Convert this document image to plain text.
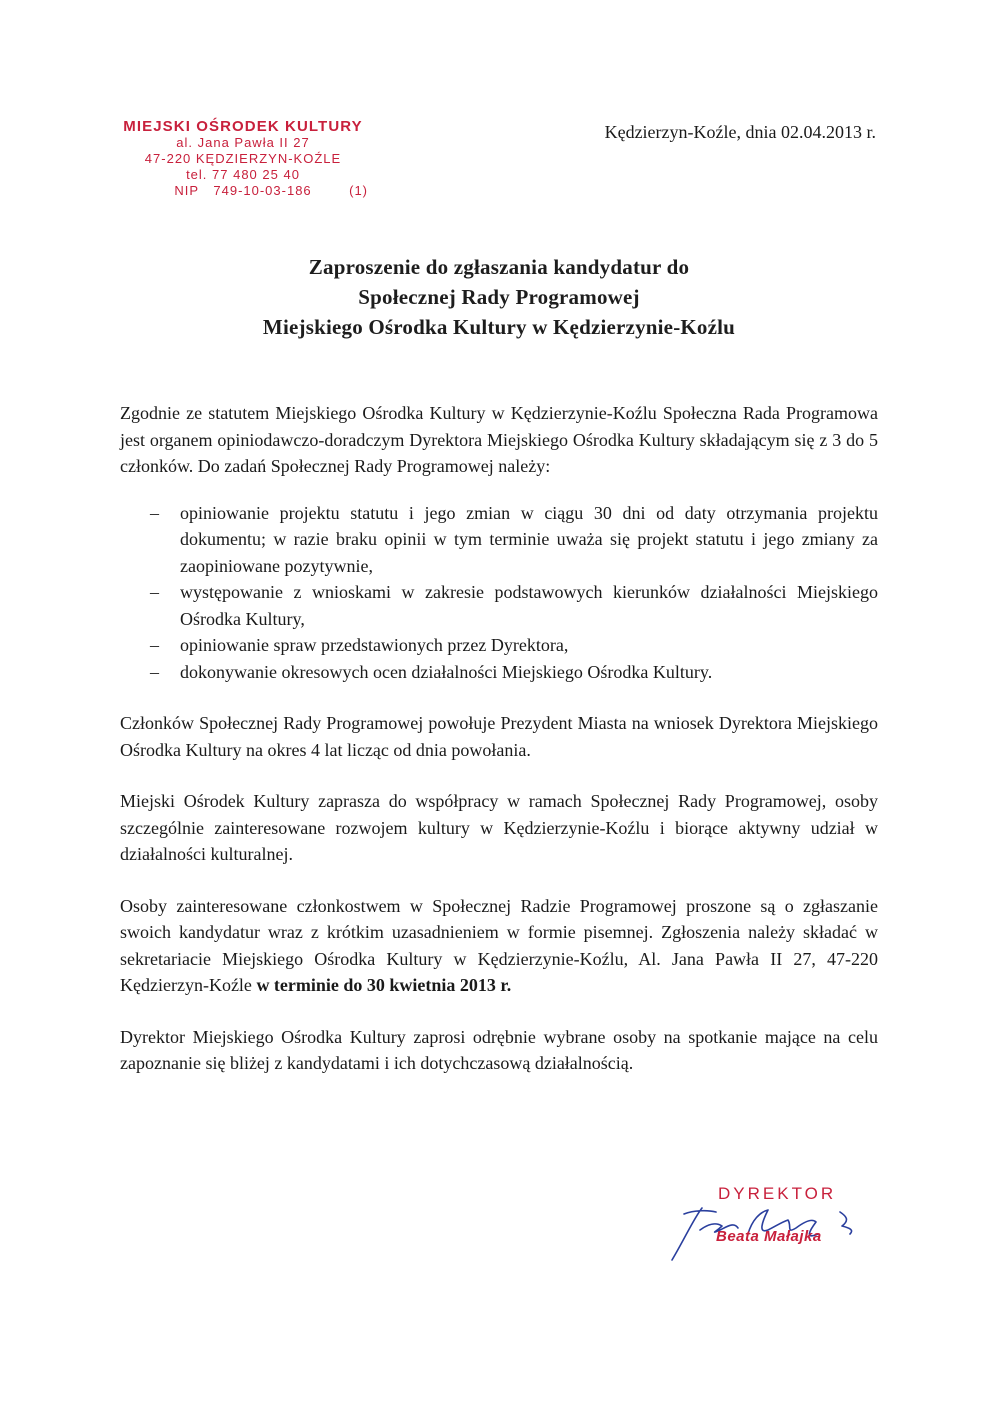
MIEJSKI OŚRODEK KULTURY
al. Jana Pawła II 27
47-220 KĘDZIERZYN-KOŹLE
tel. 77 480 25 40
NIP 749-10-03-186	(1)
Kędzierzyn-Koźle, dnia 02.04.2013 r.
Zaproszenie do zgłaszania kandydatur do
Społecznej Rady Programowej
Miejskiego Ośrodka Kultury w Kędzierzynie-Koźlu

Zgodnie ze statutem Miejskiego Ośrodka Kultury w Kędzierzynie-Koźlu Społeczna Rada Programowa jest organem opiniodawczo-doradczym Dyrektora Miejskiego Ośrodka Kultury składającym się z 3 do 5 członków. Do zadań Społecznej Rady Programowej należy:

– opiniowanie projektu statutu i jego zmian w ciągu 30 dni od daty otrzymania projektu dokumentu; w razie braku opinii w tym terminie uważa się projekt statutu i jego zmiany za zaopiniowane pozytywnie,
– występowanie z wnioskami w zakresie podstawowych kierunków działalności Miejskiego Ośrodka Kultury,
– opiniowanie spraw przedstawionych przez Dyrektora,
– dokonywanie okresowych ocen działalności Miejskiego Ośrodka Kultury.

Członków Społecznej Rady Programowej powołuje Prezydent Miasta na wniosek Dyrektora Miejskiego Ośrodka Kultury na okres 4 lat licząc od dnia powołania.

Miejski Ośrodek Kultury zaprasza do współpracy w ramach Społecznej Rady Programowej, osoby szczególnie zainteresowane rozwojem kultury w Kędzierzynie-Koźlu i biorące aktywny udział w działalności kulturalnej.

Osoby zainteresowane członkostwem w Społecznej Radzie Programowej proszone są o zgłaszanie swoich kandydatur wraz z krótkim uzasadnieniem w formie pisemnej. Zgłoszenia należy składać w sekretariacie Miejskiego Ośrodka Kultury w Kędzierzynie-Koźlu, Al. Jana Pawła II 27, 47-220 Kędzierzyn-Koźle w terminie do 30 kwietnia 2013 r.

Dyrektor Miejskiego Ośrodka Kultury zaprosi odrębnie wybrane osoby na spotkanie mające na celu zapoznanie się bliżej z kandydatami i ich dotychczasową działalnością.

DYREKTOR
Beata Małajka
